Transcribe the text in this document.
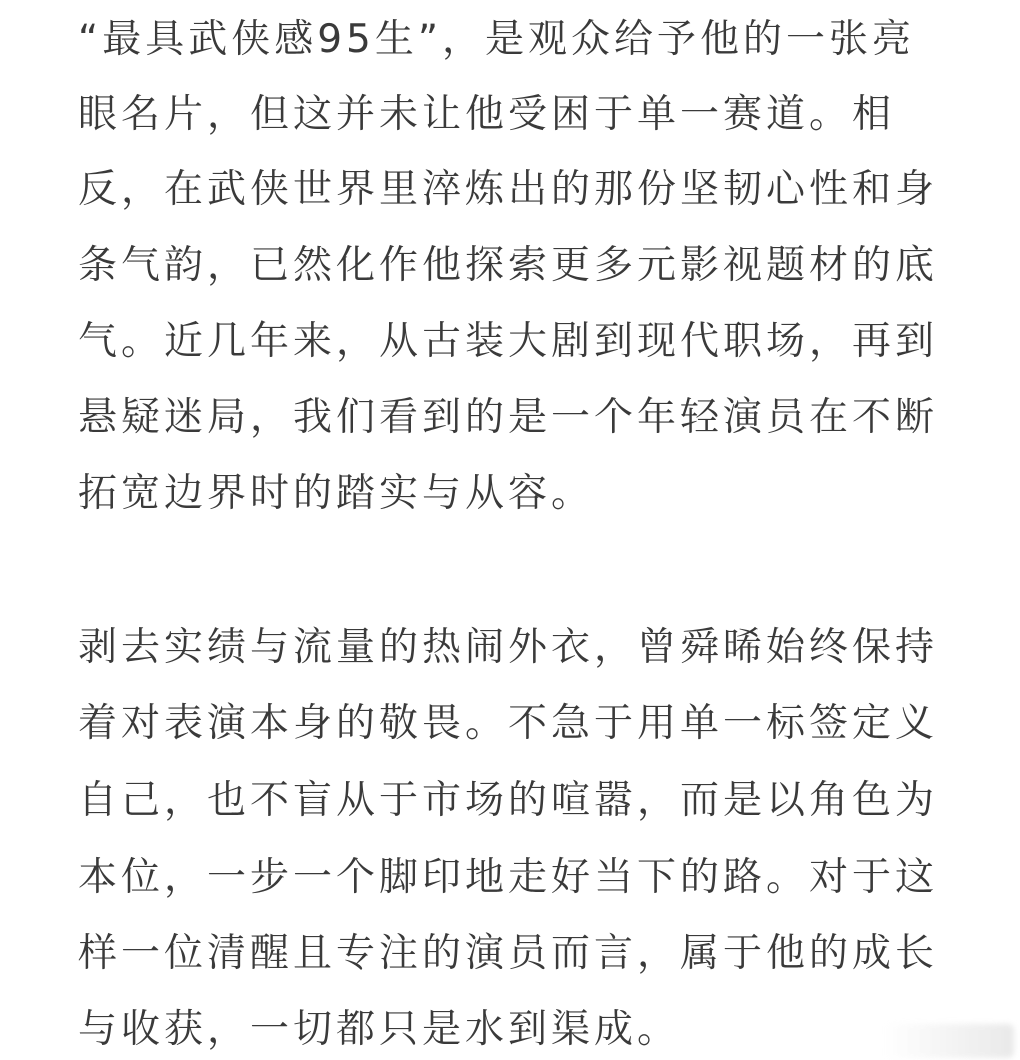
“最具武侠感95生”，是观众给予他的一张亮
眼名片，但这并未让他受困于单一赛道。相
反，在武侠世界里淬炼出的那份坚韧心性和身
条气韵，已然化作他探索更多元影视题材的底
气。近几年来，从古装大剧到现代职场，再到
悬疑迷局，我们看到的是一个年轻演员在不断
拓宽边界时的踏实与从容。
剥去实绩与流量的热闹外衣，曾舜晞始终保持
着对表演本身的敬畏。不急于用单一标签定义
自己，也不盲从于市场的喧嚣，而是以角色为
本位，一步一个脚印地走好当下的路。对于这
样一位清醒且专注的演员而言，属于他的成长
与收获，一切都只是水到渠成。
